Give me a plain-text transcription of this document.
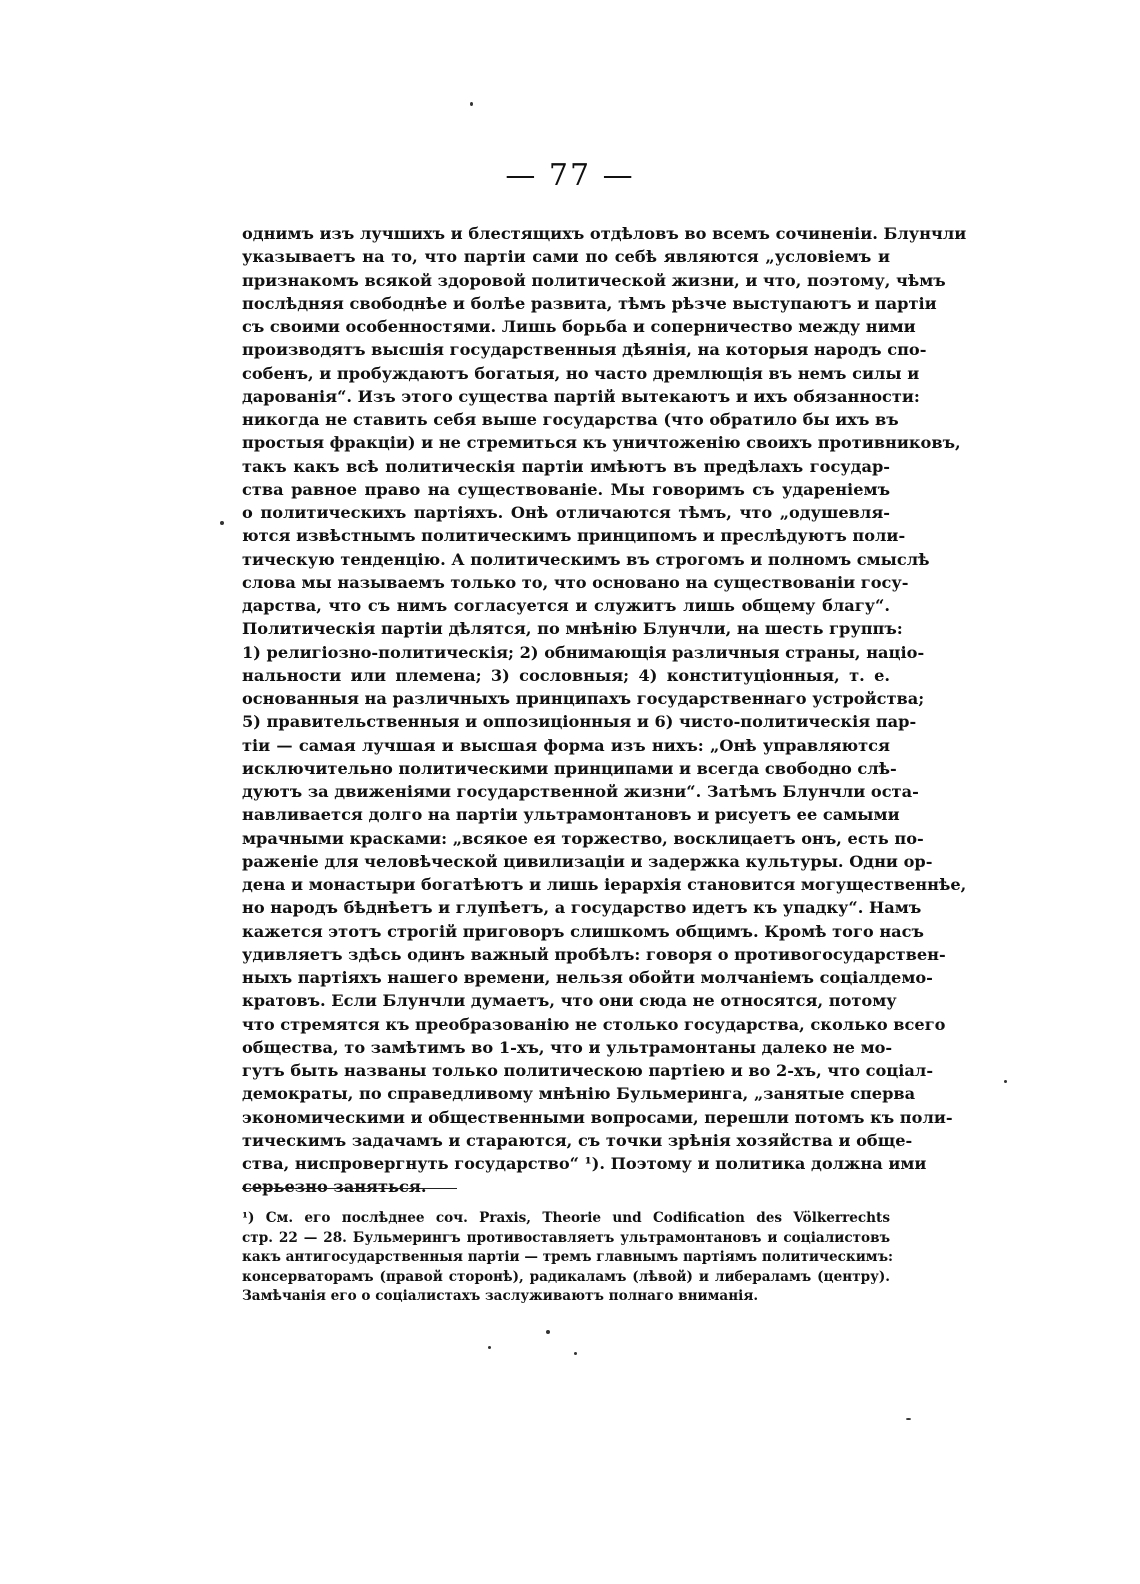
— 77 —
однимъ изъ лучшихъ и блестящихъ отдѣловъ во всемъ сочиненіи. Блунчли
указываетъ на то, что партіи сами по себѣ являются „условіемъ и
признакомъ всякой здоровой политической жизни, и что, поэтому, чѣмъ
послѣдняя свободнѣе и болѣе развита, тѣмъ рѣзче выступаютъ и партіи
съ своими особенностями. Лишь борьба и соперничество между ними
производятъ высшія государственныя дѣянія, на которыя народъ спо-
собенъ, и пробуждаютъ богатыя, но часто дремлющія въ немъ силы и
дарованія“. Изъ этого существа партій вытекаютъ и ихъ обязанности:
никогда не ставить себя выше государства (что обратило бы ихъ въ
простыя фракціи) и не стремиться къ уничтоженію своихъ противниковъ,
такъ какъ всѣ политическія партіи имѣютъ въ предѣлахъ государ-
ства равное право на существованіе. Мы говоримъ съ удареніемъ
о политическихъ партіяхъ. Онѣ отличаются тѣмъ, что „одушевля-
ются извѣстнымъ политическимъ принципомъ и преслѣдуютъ поли-
тическую тенденцію. А политическимъ въ строгомъ и полномъ смыслѣ
слова мы называемъ только то, что основано на существованіи госу-
дарства, что съ нимъ согласуется и служитъ лишь общему благу“.
Политическія партіи дѣлятся, по мнѣнію Блунчли, на шесть группъ:
1) религіозно-политическія; 2) обнимающія различныя страны, націо-
нальности или племена; 3) сословныя; 4) конституціонныя, т. е.
основанныя на различныхъ принципахъ государственнаго устройства;
5) правительственныя и оппозиціонныя и 6) чисто-политическія пар-
тіи — самая лучшая и высшая форма изъ нихъ: „Онѣ управляются
исключительно политическими принципами и всегда свободно слѣ-
дуютъ за движеніями государственной жизни“. Затѣмъ Блунчли оста-
навливается долго на партіи ультрамонтановъ и рисуетъ ее самыми
мрачными красками: „всякое ея торжество, восклицаетъ онъ, есть по-
раженіе для человѣческой цивилизаціи и задержка культуры. Одни ор-
дена и монастыри богатѣютъ и лишь іерархія становится могущественнѣе,
но народъ бѣднѣетъ и глупѣетъ, а государство идетъ къ упадку“. Намъ
кажется этотъ строгій приговоръ слишкомъ общимъ. Кромѣ того насъ
удивляетъ здѣсь одинъ важный пробѣлъ: говоря о противогосударствен-
ныхъ партіяхъ нашего времени, нельзя обойти молчаніемъ соціалдемо-
кратовъ. Если Блунчли думаетъ, что они сюда не относятся, потому
что стремятся къ преобразованію не столько государства, сколько всего
общества, то замѣтимъ во 1-хъ, что и ультрамонтаны далеко не мо-
гутъ быть названы только политическою партіею и во 2-хъ, что соціал-
демократы, по справедливому мнѣнію Бульмеринга, „занятые сперва
экономическими и общественными вопросами, перешли потомъ къ поли-
тическимъ задачамъ и стараются, съ точки зрѣнія хозяйства и обще-
ства, ниспровергнуть государство“ ¹). Поэтому и политика должна ими
серьезно заняться.
¹) См. его послѣднее соч. Praxis, Theorie und Codification des Völkerrechts
стр. 22 — 28. Бульмерингъ противоставляетъ ультрамонтановъ и соціалистовъ
какъ антигосударственныя партіи — тремъ главнымъ партіямъ политическимъ:
консерваторамъ (правой сторонѣ), радикаламъ (лѣвой) и либераламъ (центру).
Замѣчанія его о соціалистахъ заслуживаютъ полнаго вниманія.
